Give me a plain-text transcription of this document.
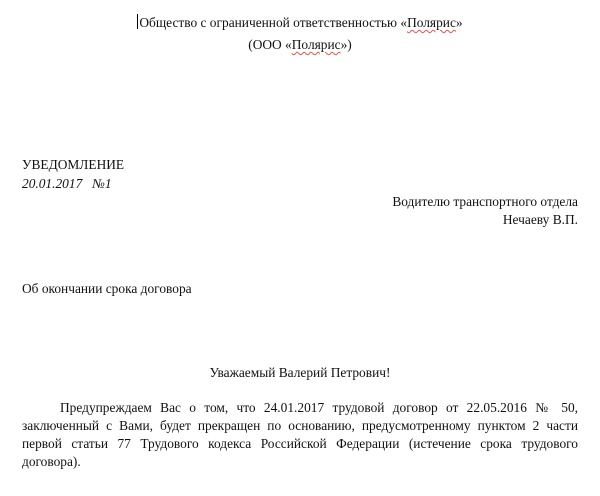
Общество с ограниченной ответственностью «Полярис»
(ООО «Полярис»)
УВЕДОМЛЕНИЕ
20.01.2017   №1
Водителю транспортного отдела
Нечаеву В.П.
Об окончании срока договора
Уважаемый Валерий Петрович!

Предупреждаем Вас о том, что 24.01.2017 трудовой договор от 22.05.2016 № 50, заключенный с Вами, будет прекращен по основанию, предусмотренному пунктом 2 части первой статьи 77 Трудового кодекса Российской Федерации (истечение срока трудового договора).
